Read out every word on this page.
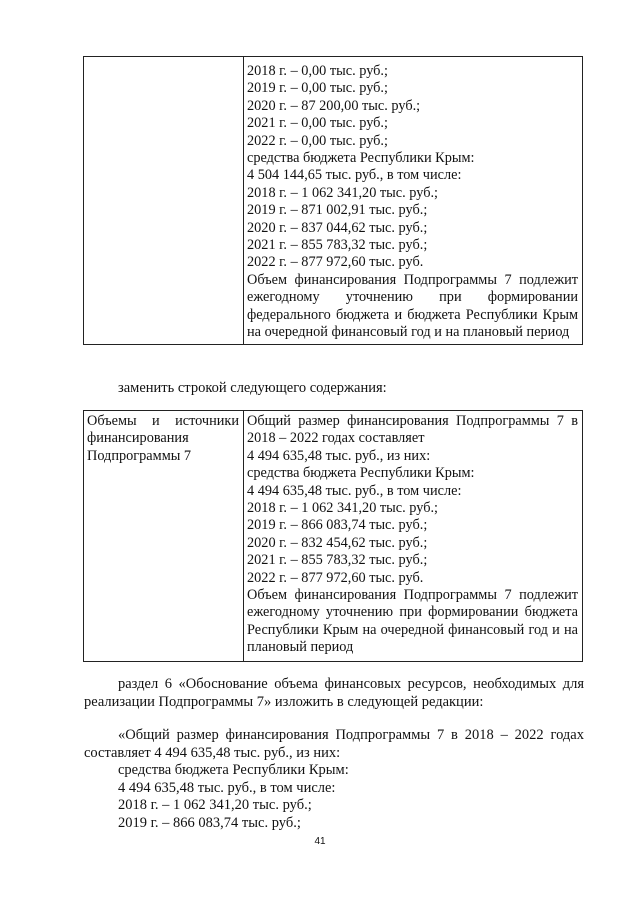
2018 г. – 0,00 тыс. руб.;
2019 г. – 0,00 тыс. руб.;
2020 г. – 87 200,00 тыс. руб.;
2021 г. – 0,00 тыс. руб.;
2022 г. – 0,00 тыс. руб.;
средства бюджета Республики Крым:
4 504 144,65 тыс. руб., в том числе:
2018 г. – 1 062 341,20 тыс. руб.;
2019 г. – 871 002,91 тыс. руб.;
2020 г. – 837 044,62 тыс. руб.;
2021 г. – 855 783,32 тыс. руб.;
2022 г. – 877 972,60 тыс. руб.

Объем финансирования Подпрограммы 7 подлежит ежегодному уточнению при формировании федерального бюджета и бюджета Республики Крым на очередной финансовый год и на плановый период

заменить строкой следующего содержания:

Объемы и источники финансирования Подпрограммы 7

Общий размер финансирования Подпрограммы 7 в 2018 – 2022 годах составляет

4 494 635,48 тыс. руб., из них:
средства бюджета Республики Крым:
4 494 635,48 тыс. руб., в том числе:
2018 г. – 1 062 341,20 тыс. руб.;
2019 г. – 866 083,74 тыс. руб.;
2020 г. – 832 454,62 тыс. руб.;
2021 г. – 855 783,32 тыс. руб.;
2022 г. – 877 972,60 тыс. руб.

Объем финансирования Подпрограммы 7 подлежит ежегодному уточнению при формировании бюджета Республики Крым на очередной финансовый год и на плановый период

раздел 6 «Обоснование объема финансовых ресурсов, необходимых для реализации Подпрограммы 7» изложить в следующей редакции:

«Общий размер финансирования Подпрограммы 7 в 2018 – 2022 годах составляет 4 494 635,48 тыс. руб., из них:
средства бюджета Республики Крым:
4 494 635,48 тыс. руб., в том числе:
2018 г. – 1 062 341,20 тыс. руб.;
2019 г. – 866 083,74 тыс. руб.;
41
